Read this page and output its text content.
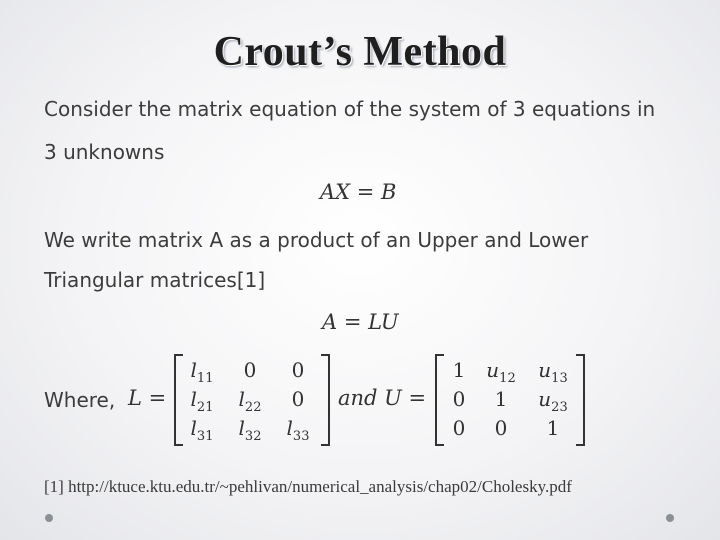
Crout’s Method
Consider the matrix equation of the system of 3 equations in
3 unknowns
AX = B
We write matrix A as a product of an Upper and Lower
Triangular matrices[1]
A = LU
Where, L =
$l_{11}$	0	0
$l_{21}$	$l_{22}$	0
$l_{31}$	$l_{32}$	$l_{33}$
and U =
1	$u_{12}$	$u_{13}$
0	1	$u_{23}$
0	0	1
[1] http://ktuce.ktu.edu.tr/~pehlivan/numerical_analysis/chap02/Cholesky.pdf
